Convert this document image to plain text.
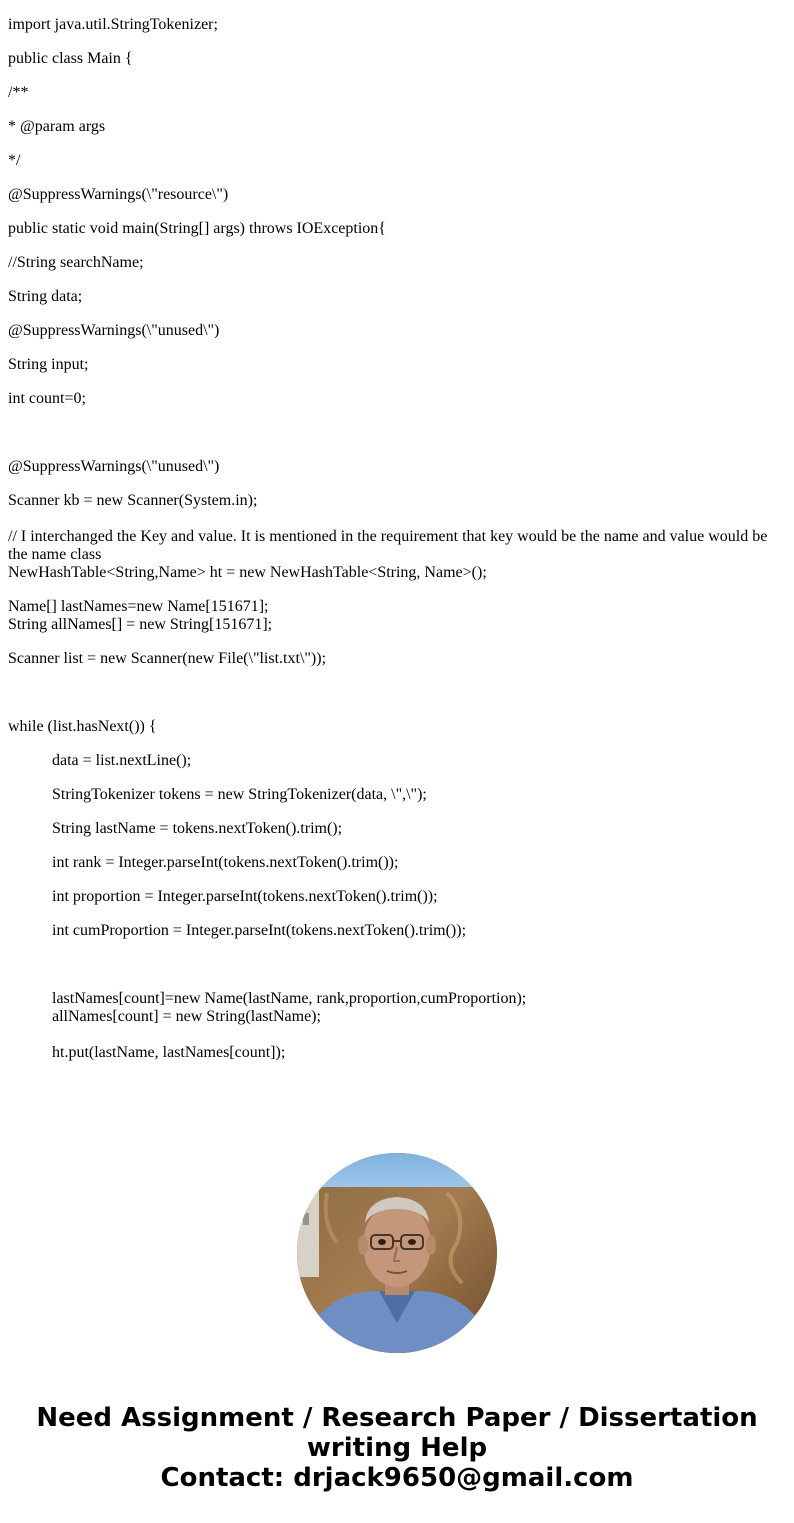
import java.util.StringTokenizer;
public class Main {
/**
* @param args
*/
@SuppressWarnings(\"resource\")
public static void main(String[] args) throws IOException{
//String searchName;
String data;
@SuppressWarnings(\"unused\")
String input;
int count=0;
@SuppressWarnings(\"unused\")
Scanner kb = new Scanner(System.in);
// I interchanged the Key and value. It is mentioned in the requirement that key would be the name and value would be the name class
NewHashTable<String,Name> ht = new NewHashTable<String, Name>();
Name[] lastNames=new Name[151671];
String allNames[] = new String[151671];
Scanner list = new Scanner(new File(\"list.txt\"));
while (list.hasNext()) {
data = list.nextLine();
StringTokenizer tokens = new StringTokenizer(data, \",\");
String lastName = tokens.nextToken().trim();
int rank = Integer.parseInt(tokens.nextToken().trim());
int proportion = Integer.parseInt(tokens.nextToken().trim());
int cumProportion = Integer.parseInt(tokens.nextToken().trim());
lastNames[count]=new Name(lastName, rank,proportion,cumProportion);
allNames[count] = new String(lastName);
ht.put(lastName, lastNames[count]);
Need Assignment / Research Paper / Dissertation
writing Help
Contact: drjack9650@gmail.com
